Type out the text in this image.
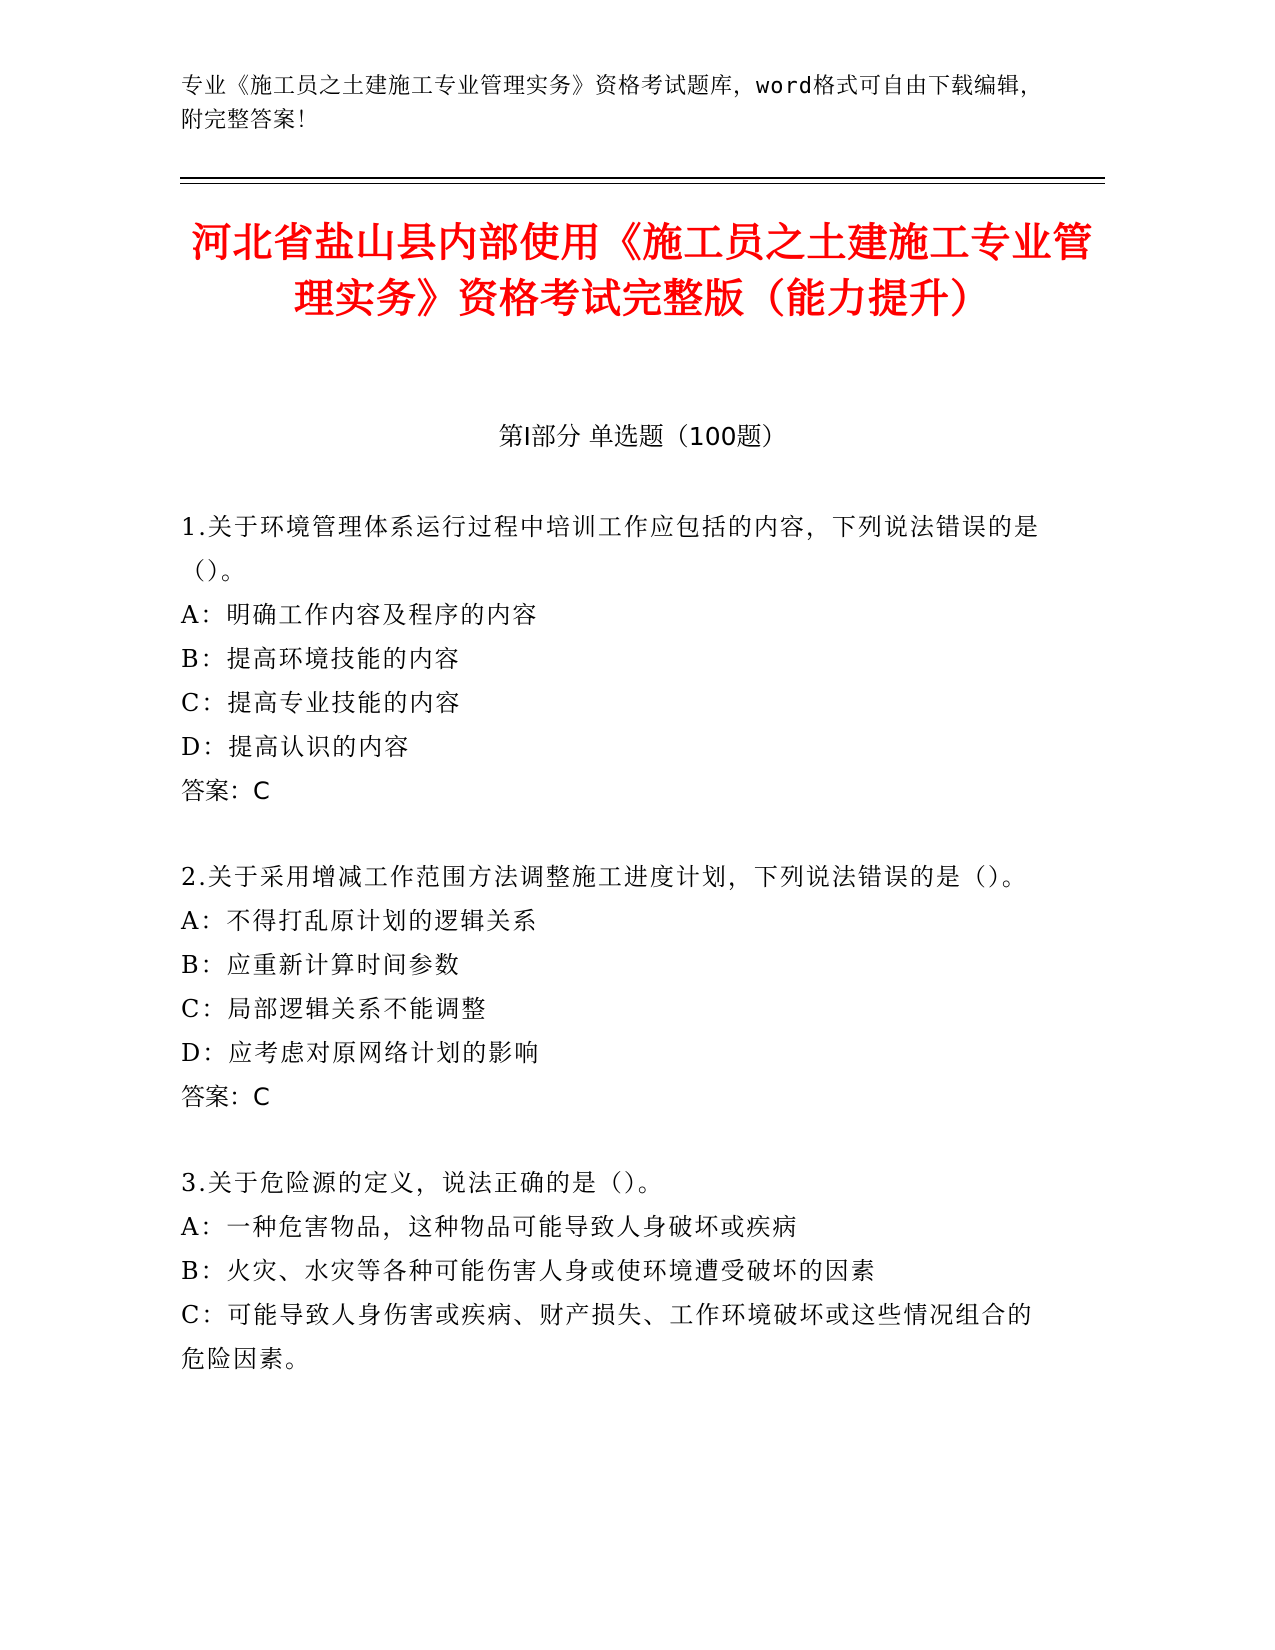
专业《施工员之土建施工专业管理实务》资格考试题库，word格式可自由下载编辑，附完整答案！
河北省盐山县内部使用《施工员之土建施工专业管理实务》资格考试完整版（能力提升）
第Ⅰ部分 单选题（100题）
1.关于环境管理体系运行过程中培训工作应包括的内容，下列说法错误的是（）。
A：明确工作内容及程序的内容
B：提高环境技能的内容
C：提高专业技能的内容
D：提高认识的内容
答案：C
2.关于采用增减工作范围方法调整施工进度计划，下列说法错误的是（）。
A：不得打乱原计划的逻辑关系
B：应重新计算时间参数
C：局部逻辑关系不能调整
D：应考虑对原网络计划的影响
答案：C
3.关于危险源的定义，说法正确的是（）。
A：一种危害物品，这种物品可能导致人身破坏或疾病
B：火灾、水灾等各种可能伤害人身或使环境遭受破坏的因素
C：可能导致人身伤害或疾病、财产损失、工作环境破坏或这些情况组合的危险因素。
